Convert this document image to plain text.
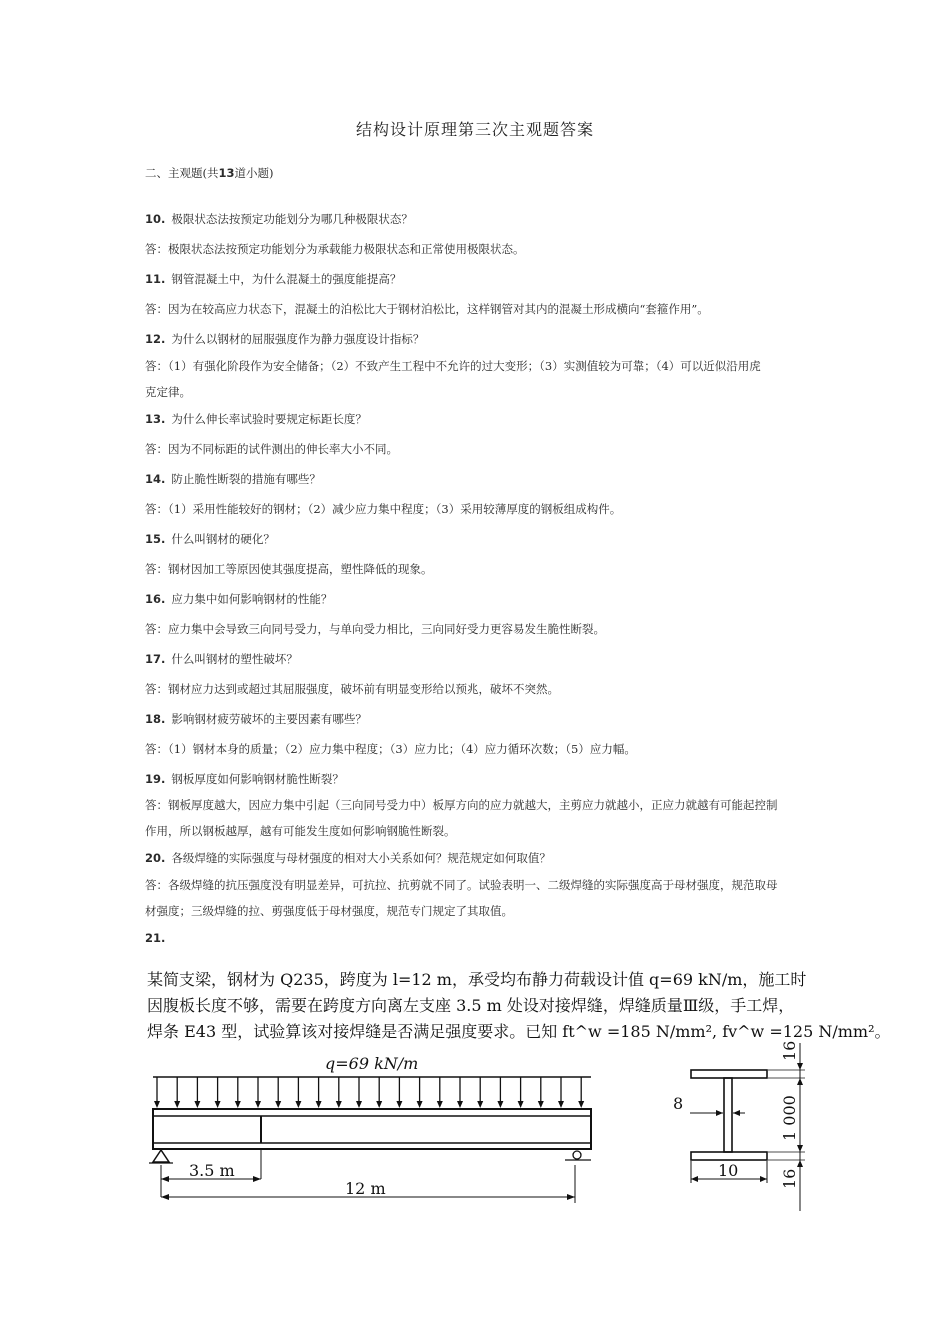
结构设计原理第三次主观题答案
二、主观题(共13道小题)
10. 极限状态法按预定功能划分为哪几种极限状态？
答：极限状态法按预定功能划分为承载能力极限状态和正常使用极限状态。
11. 钢管混凝土中，为什么混凝土的强度能提高？
答：因为在较高应力状态下，混凝土的泊松比大于钢材泊松比，这样钢管对其内的混凝土形成横向“套箍作用”。
12. 为什么以钢材的屈服强度作为静力强度设计指标？
答：（1）有强化阶段作为安全储备；（2）不致产生工程中不允许的过大变形；（3）实测值较为可靠；（4）可以近似沿用虎
克定律。
13. 为什么伸长率试验时要规定标距长度？
答：因为不同标距的试件测出的伸长率大小不同。
14. 防止脆性断裂的措施有哪些？
答：（1）采用性能较好的钢材；（2）减少应力集中程度；（3）采用较薄厚度的钢板组成构件。
15. 什么叫钢材的硬化？
答：钢材因加工等原因使其强度提高，塑性降低的现象。
16. 应力集中如何影响钢材的性能？
答：应力集中会导致三向同号受力，与单向受力相比，三向同好受力更容易发生脆性断裂。
17. 什么叫钢材的塑性破坏？
答：钢材应力达到或超过其屈服强度，破坏前有明显变形给以预兆，破坏不突然。
18. 影响钢材疲劳破坏的主要因素有哪些？
答：（1）钢材本身的质量；（2）应力集中程度；（3）应力比；（4）应力循环次数；（5）应力幅。
19. 钢板厚度如何影响钢材脆性断裂？
答：钢板厚度越大，因应力集中引起（三向同号受力中）板厚方向的应力就越大，主剪应力就越小，正应力就越有可能起控制
作用，所以钢板越厚，越有可能发生度如何影响钢脆性断裂。
20. 各级焊缝的实际强度与母材强度的相对大小关系如何？规范规定如何取值？
答：各级焊缝的抗压强度没有明显差异，可抗拉、抗剪就不同了。试验表明一、二级焊缝的实际强度高于母材强度，规范取母
材强度；三级焊缝的拉、剪强度低于母材强度，规范专门规定了其取值。
21.
某简支梁，钢材为 Q235，跨度为 l=12 m，承受均布静力荷载设计值 q=69 kN/m，施工时
因腹板长度不够，需要在跨度方向离左支座 3.5 m 处设对接焊缝，焊缝质量Ⅲ级，手工焊，
焊条 E43 型，试验算该对接焊缝是否满足强度要求。已知 ft^w =185 N/mm², fv^w =125 N/mm²。
q=69 kN/m
3.5 m
12 m
8
10
1 000
16
16
